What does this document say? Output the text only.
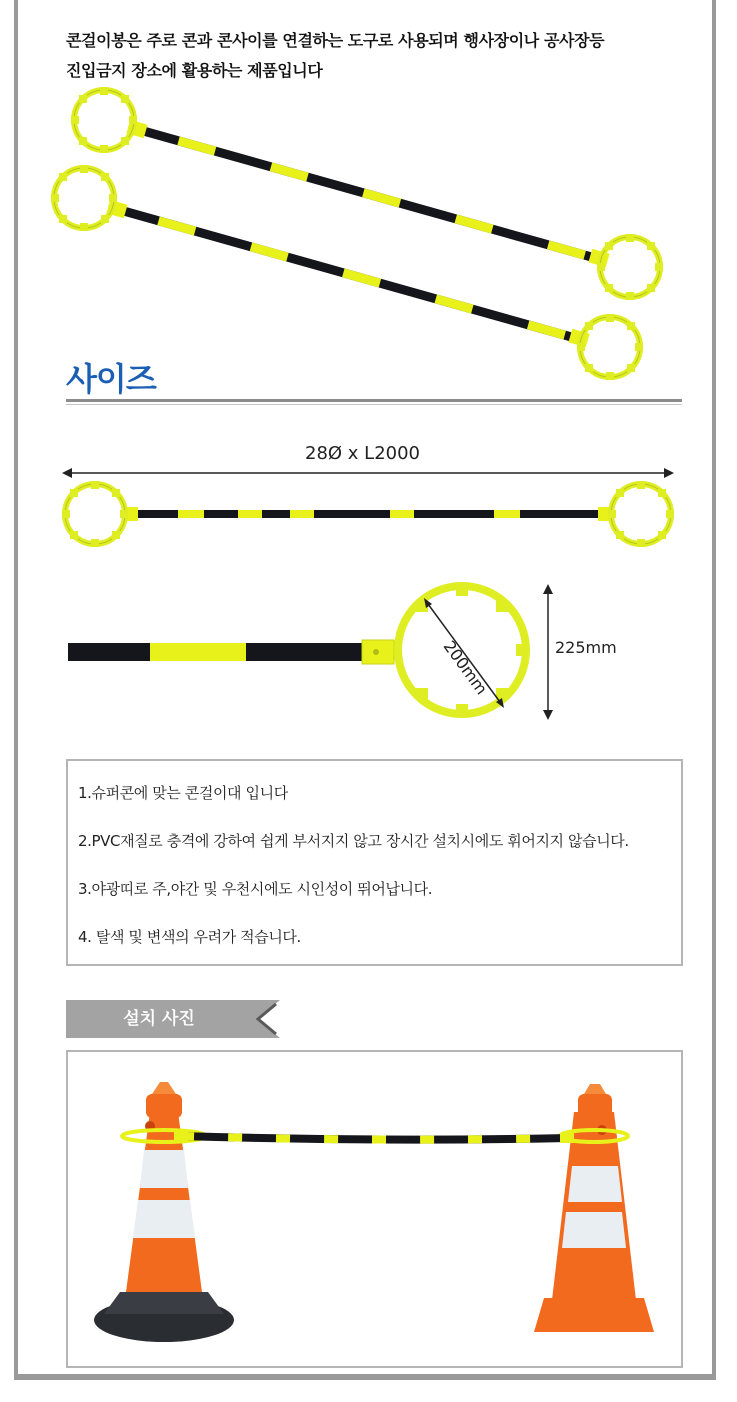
콘걸이봉은 주로 콘과 콘사이를 연결하는 도구로 사용되며 행사장이나 공사장등
진입금지 장소에 활용하는 제품입니다
사이즈
28Ø x L2000
200mm	225mm
1.슈퍼콘에 맞는 콘걸이대 입니다
2.PVC재질로 충격에 강하여 쉽게 부서지지 않고 장시간 설치시에도 휘어지지 않습니다.
3.야광띠로 주,야간 및 우천시에도 시인성이 뛰어납니다.
4. 탈색 및 변색의 우려가 적습니다.
설치 사진
